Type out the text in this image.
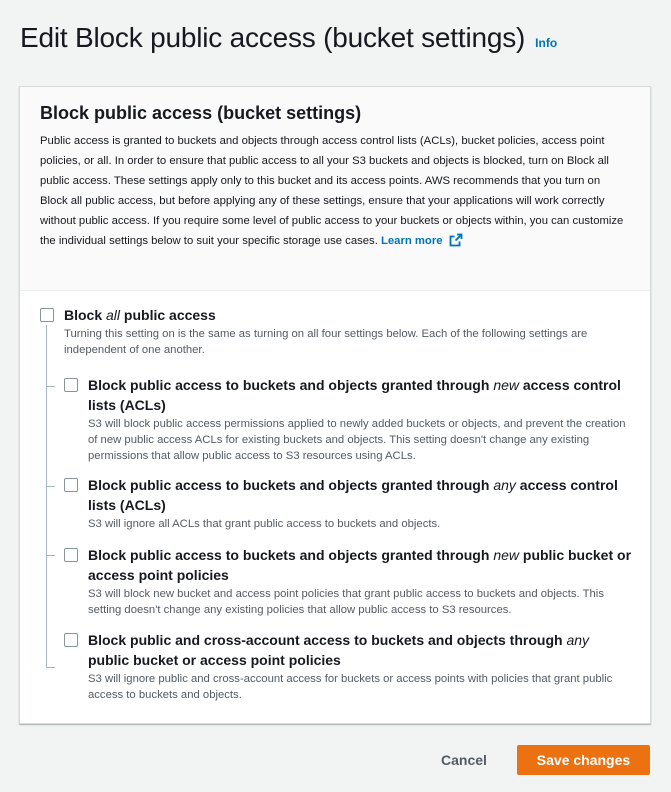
Edit Block public access (bucket settings) Info
Block public access (bucket settings)

Public access is granted to buckets and objects through access control lists (ACLs), bucket policies, access point policies, or all. In order to ensure that public access to all your S3 buckets and objects is blocked, turn on Block all public access. These settings apply only to this bucket and its access points. AWS recommends that you turn on Block all public access, but before applying any of these settings, ensure that your applications will work correctly without public access. If you require some level of public access to your buckets or objects within, you can customize the individual settings below to suit your specific storage use cases. Learn more

Block all public access
Turning this setting on is the same as turning on all four settings below. Each of the following settings are independent of one another.
Block public access to buckets and objects granted through new access control lists (ACLs)
S3 will block public access permissions applied to newly added buckets or objects, and prevent the creation of new public access ACLs for existing buckets and objects. This setting doesn't change any existing permissions that allow public access to S3 resources using ACLs.
Block public access to buckets and objects granted through any access control lists (ACLs)
S3 will ignore all ACLs that grant public access to buckets and objects.
Block public access to buckets and objects granted through new public bucket or access point policies
S3 will block new bucket and access point policies that grant public access to buckets and objects. This setting doesn't change any existing policies that allow public access to S3 resources.
Block public and cross-account access to buckets and objects through any public bucket or access point policies
S3 will ignore public and cross-account access for buckets or access points with policies that grant public access to buckets and objects.
Cancel	Save changes
